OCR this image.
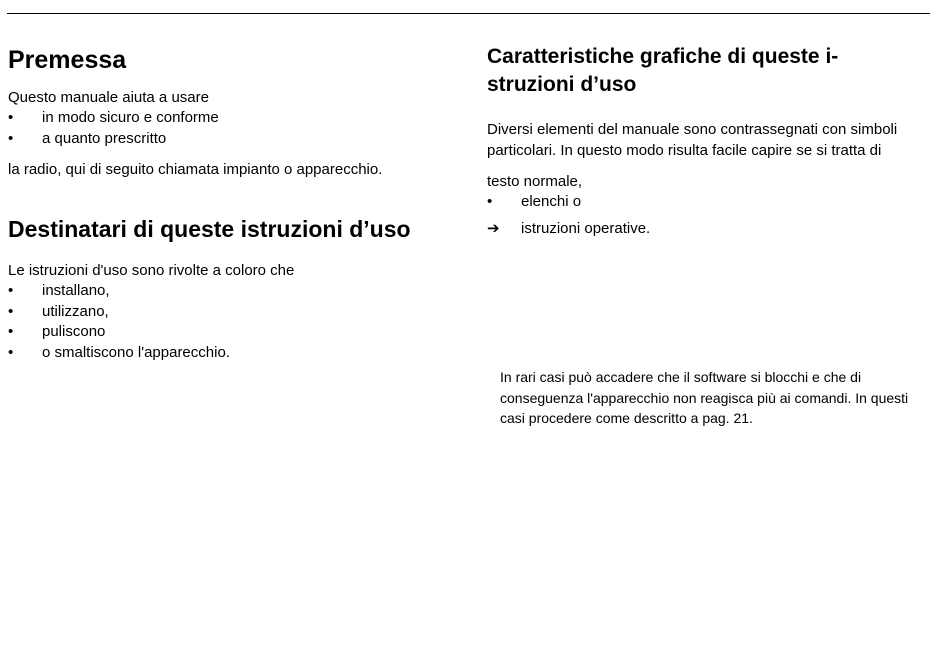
Premessa

Questo manuale aiuta a usare

•	in modo sicuro e conforme
•	a quanto prescritto

la radio, qui di seguito chiamata impianto o apparecchio.

Destinatari di queste istruzioni d’uso

Le istruzioni d'uso sono rivolte a coloro che

•	installano,
•	utilizzano,
•	puliscono
•	o smaltiscono l'apparecchio.
Caratteristiche grafiche di queste i-
struzioni d’uso

Diversi elementi del manuale sono contrassegnati con simboli particolari. In questo modo risulta facile capire se si tratta di

testo normale,

•	elenchi o
➔ istruzioni operative.
In rari casi può accadere che il software si blocchi e che di conseguenza l'apparecchio non reagisca più ai comandi. In questi casi procedere come descritto a pag. 21.
